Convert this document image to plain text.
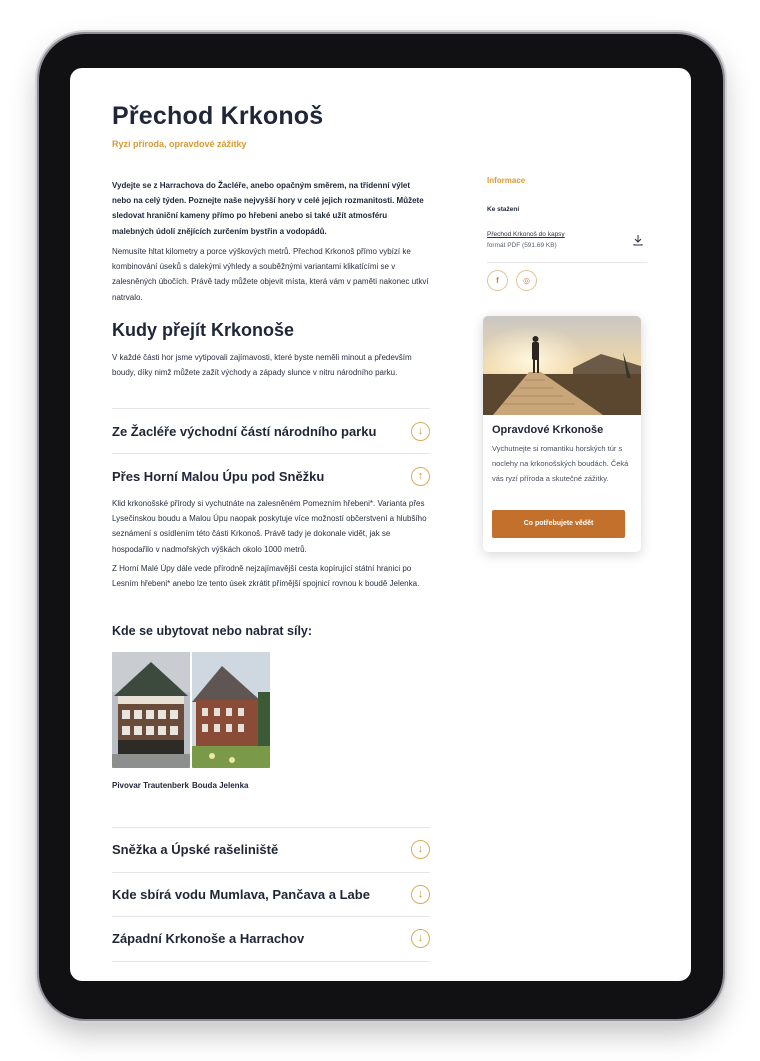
Přechod Krkonoš
Ryzí příroda, opravdové zážitky

Vydejte se z Harrachova do Žacléře, anebo opačným směrem, na třídenní výlet nebo na celý týden. Poznejte naše nejvyšší hory v celé jejich rozmanitosti. Můžete sledovat hraniční kameny přímo po hřebeni anebo si také užít atmosféru malebných údolí znějících zurčením bystřin a vodopádů.

Nemusíte hltat kilometry a porce výškových metrů. Přechod Krkonoš přímo vybízí ke kombinování úseků s dalekými výhledy a souběžnými variantami klikatícími se v zalesněných úbočích. Právě tady můžete objevit místa, která vám v paměti nakonec utkví natrvalo.

Kudy přejít Krkonoše

V každé části hor jsme vytipovali zajímavosti, které byste neměli minout a především boudy, díky nimž můžete zažít východy a západy slunce v nitru národního parku.

Ze Žacléře východní částí národního parku	↓
Přes Horní Malou Úpu pod Sněžku	↑

Klid krkonošské přírody si vychutnáte na zalesněném Pomezním hřebeni*. Varianta přes Lysečinskou boudu a Malou Úpu naopak poskytuje více možností občerstvení a hlubšího seznámení s osídlením této části Krkonoš. Právě tady je dokonale vidět, jak se hospodařilo v nadmořských výškách okolo 1000 metrů.

Z Horní Malé Úpy dále vede přírodně nejzajímavější cesta kopírující státní hranici po Lesním hřebeni* anebo lze tento úsek zkrátit přímější spojnicí rovnou k boudě Jelenka.

Kde se ubytovat nebo nabrat síly:
Pivovar Trautenberk Bouda Jelenka
Sněžka a Úpské rašeliniště	↓
Kde sbírá vodu Mumlava, Pančava a Labe	↓
Západní Krkonoše a Harrachov	↓
Informace
Ke stažení
Přechod Krkonoš do kapsy
formát PDF (591.69 KB)
f	◎
Opravdové Krkonoše

Vychutnejte si romantiku horských túr s noclehy na krkonošských boudách. Čeká vás ryzí příroda a skutečné zážitky.

Co potřebujete vědět
